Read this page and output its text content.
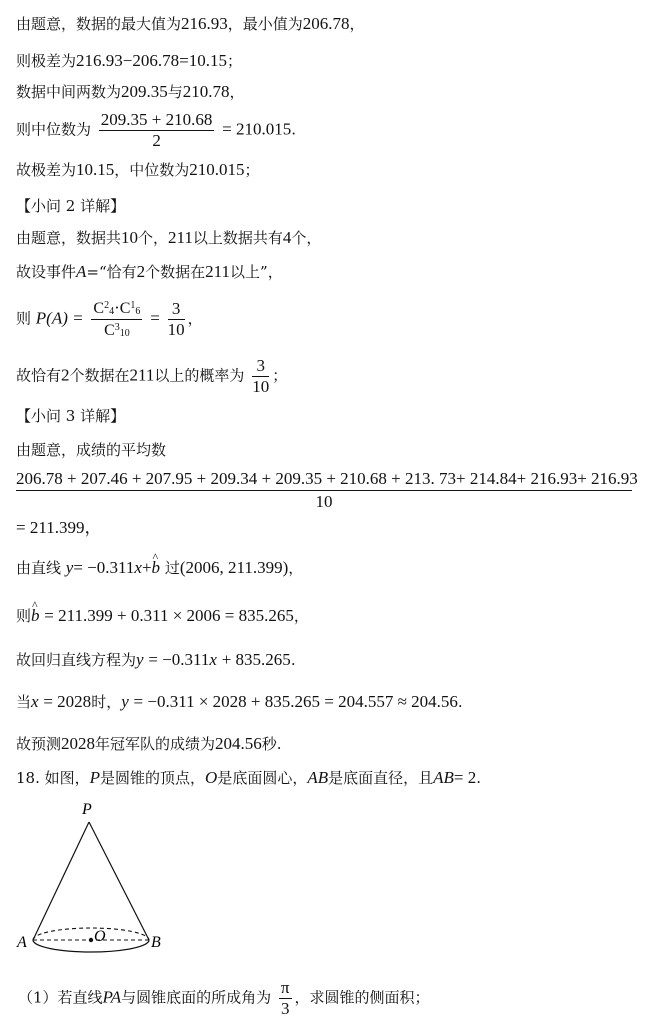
由题意，数据的最大值为216.93，最小值为206.78，
则极差为216.93−206.78=10.15；
数据中间两数为209.35与210.78，
则中位数为 $\frac{209.35 + 210.68}{2} = 210.015$.
故极差为10.15，中位数为210.015；
【小问 2 详解】
由题意，数据共10个，211以上数据共有4个，
故设事件A=“恰有2个数据在211以上”，
则 $P(A) = \frac{C^24\cdot C^16}{C^310} = \frac{3}{10}$ ，
故恰有2个数据在211以上的概率为 $\frac{3}{10}$ ；
【小问 3 详解】
由题意，成绩的平均数
206.78 + 207.46 + 207.95 + 209.34 + 209.35 + 210.68 + 213. 73+ 214.84+ 216.93+ 216.93
10
= 211.399，
由直线 y= −0.311x+^ b 过(2006, 211.399)，
则^ b = 211.399 + 0.311 × 2006 = 835.265，
故回归直线方程为y = −0.311x + 835.265.
当x = 2028时，y = −0.311 × 2028 + 835.265 = 204.557 ≈ 204.56.
故预测2028年冠军队的成绩为204.56秒.
18. 如图，P是圆锥的顶点，O是底面圆心，AB是底面直径，且AB= 2.
P
A	B
O
（1）若直线PA与圆锥底面的所成角为 $\frac{\pi}{3}$ ，求圆锥的侧面积；
